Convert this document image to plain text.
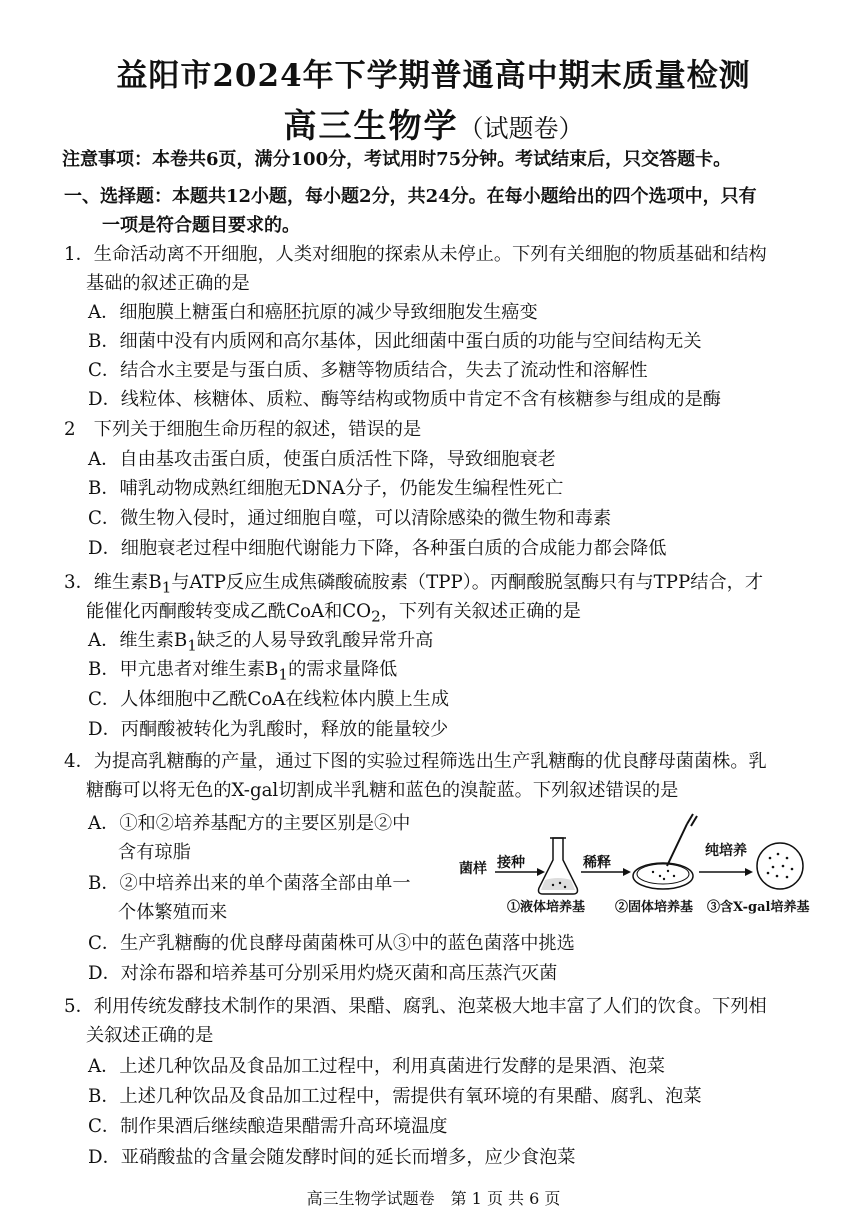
益阳市2024年下学期普通高中期末质量检测
高三生物学（试题卷）
注意事项：本卷共6页，满分100分，考试用时75分钟。考试结束后，只交答题卡。
一、选择题：本题共12小题，每小题2分，共24分。在每小题给出的四个选项中，只有
一项是符合题目要求的。
1．生命活动离不开细胞，人类对细胞的探索从未停止。下列有关细胞的物质基础和结构
基础的叙述正确的是
A．细胞膜上糖蛋白和癌胚抗原的减少导致细胞发生癌变
B．细菌中没有内质网和高尔基体，因此细菌中蛋白质的功能与空间结构无关
C．结合水主要是与蛋白质、多糖等物质结合，失去了流动性和溶解性
D．线粒体、核糖体、质粒、酶等结构或物质中肯定不含有核糖参与组成的是酶
2　下列关于细胞生命历程的叙述，错误的是
A．自由基攻击蛋白质，使蛋白质活性下降，导致细胞衰老
B．哺乳动物成熟红细胞无DNA分子，仍能发生编程性死亡
C．微生物入侵时，通过细胞自噬，可以清除感染的微生物和毒素
D．细胞衰老过程中细胞代谢能力下降，各种蛋白质的合成能力都会降低
3．维生素$B_1$与ATP反应生成焦磷酸硫胺素（TPP）。丙酮酸脱氢酶只有与TPP结合，才
能催化丙酮酸转变成乙酰CoA和$CO_2$，下列有关叙述正确的是
A．维生素$B_1$缺乏的人易导致乳酸异常升高
B．甲亢患者对维生素$B_1$的需求量降低
C．人体细胞中乙酰CoA在线粒体内膜上生成
D．丙酮酸被转化为乳酸时，释放的能量较少
4．为提高乳糖酶的产量，通过下图的实验过程筛选出生产乳糖酶的优良酵母菌菌株。乳
糖酶可以将无色的X-gal切割成半乳糖和蓝色的溴靛蓝。下列叙述错误的是
A．①和②培养基配方的主要区别是②中
含有琼脂
B．②中培养出来的单个菌落全部由单一
个体繁殖而来
C．生产乳糖酶的优良酵母菌菌株可从③中的蓝色菌落中挑选
D．对涂布器和培养基可分别采用灼烧灭菌和高压蒸汽灭菌
菌样 接种	稀释
纯培养
①液体培养基 ②固体培养基 ③含X-gal培养基
5．利用传统发酵技术制作的果酒、果醋、腐乳、泡菜极大地丰富了人们的饮食。下列相
关叙述正确的是
A．上述几种饮品及食品加工过程中，利用真菌进行发酵的是果酒、泡菜
B．上述几种饮品及食品加工过程中，需提供有氧环境的有果醋、腐乳、泡菜
C．制作果酒后继续酿造果醋需升高环境温度
D．亚硝酸盐的含量会随发酵时间的延长而增多，应少食泡菜
高三生物学试题卷　第 1 页 共 6 页
